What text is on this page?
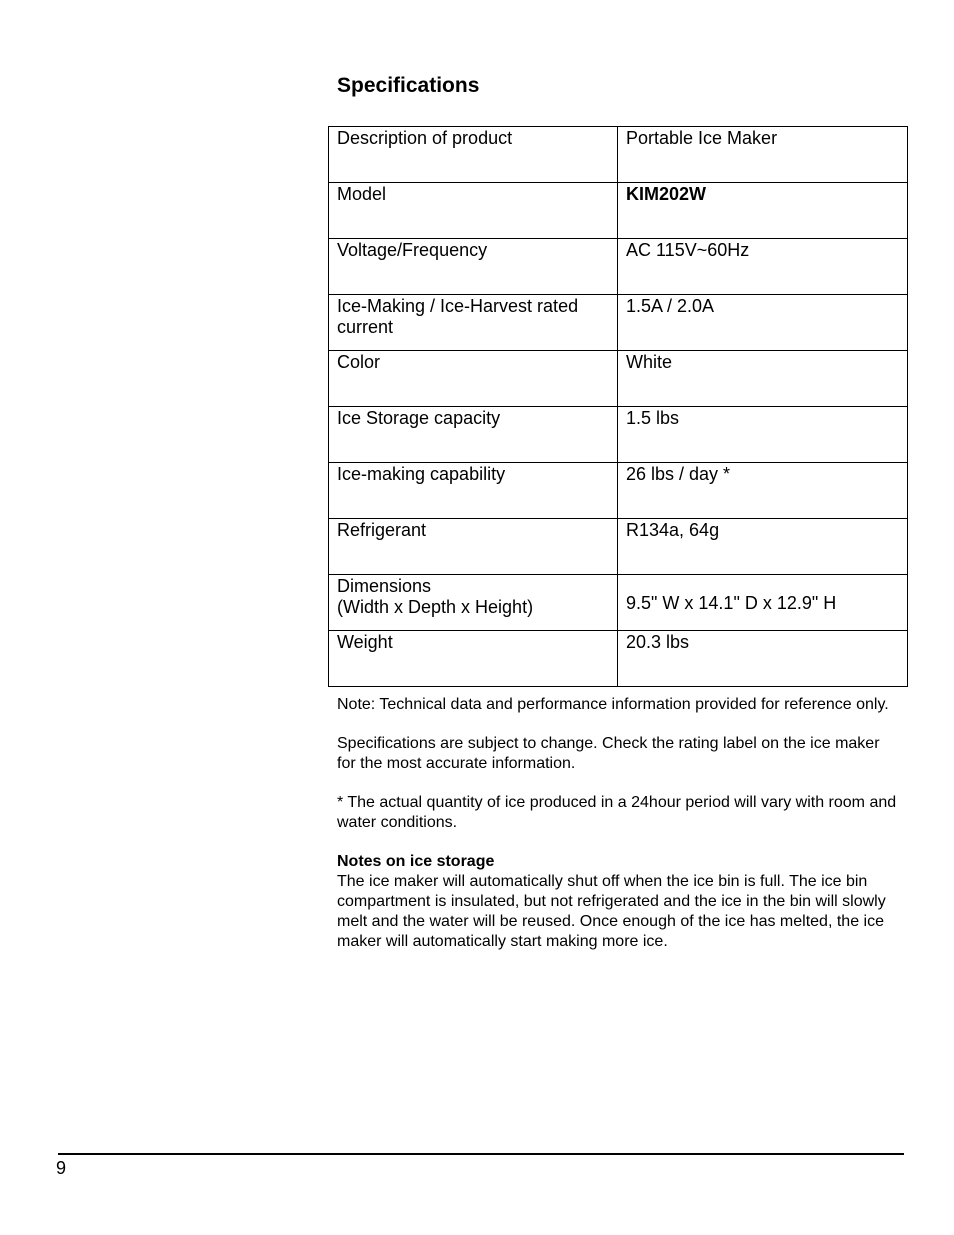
Specifications
Description of product	Portable Ice Maker
Model	KIM202W
Voltage/Frequency	AC 115V~60Hz
Ice-Making / Ice-Harvest rated current	1.5A / 2.0A
Color	White
Ice Storage capacity	1.5 lbs
Ice-making capability	26 lbs / day *
Refrigerant	R134a, 64g
Dimensions
(Width x Depth x Height)	9.5" W x 14.1" D x 12.9" H
Weight	20.3 lbs

Note: Technical data and performance information provided for reference only.

Specifications are subject to change. Check the rating label on the ice maker for the most accurate information.

* The actual quantity of ice produced in a 24hour period will vary with room and water conditions.

Notes on ice storage
The ice maker will automatically shut off when the ice bin is full. The ice bin compartment is insulated, but not refrigerated and the ice in the bin will slowly melt and the water will be reused. Once enough of the ice has melted, the ice maker will automatically start making more ice.

9
